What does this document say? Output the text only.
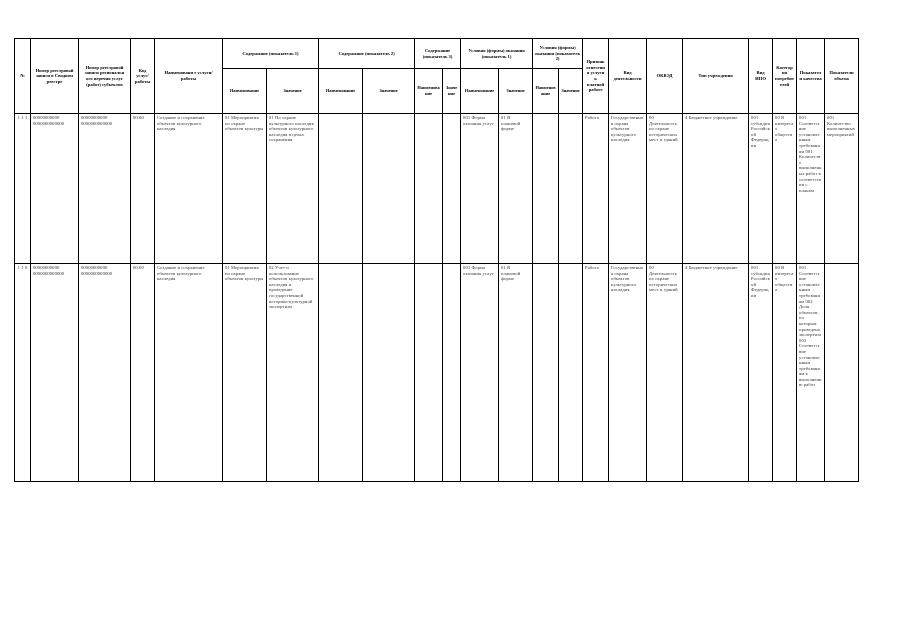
№	Номер реестровой записи в Сводном реестре	Номер реестровой записи региональн ого перечня услуг (работ) субъектов	Код услуг/ работы	Наименовани е услуги/работы	Содержание (показатель 1)		Содержание (показатель 2)		Содержание (показатель 3)		Условия (формы) оказания (показатель 1)		Условия (формы) оказания (показатель 2)		Признак отнесения услуги к платной работе	Вид деятельности	ОКВЭД	Тип учреждения	Вид ИПО	Категория потребителей	Показатели качества	Показатели объема
					Наименование	Значение	Наименование	Значение	Наименование	Значение	Наименование	Значение	Наименование	Значение								
1 1 1	00000000000 0000000000000	00000000000 0000000000000	00.00	Создание и сохранение объектов культурного наследия	01 Мероприятия по охране объектов культуры	01 По охране культурного наследия объектов культурного наследия в целях сохранения					001 Форма оказания услуг	01 В плановой форме			Работа	Государственная охрана объектов культурного наследия	00 Деятельность по охране исторических мест и зданий	4 Бюджетное учреждение	001 субсидия Российской Федерации	00 В интересах общества	001 Соответствие установленным требованиям 001 Количество выполненных работ в соответствии с планом	001 Количество выполненных мероприятий
1 1 0	00000000000 0000000000000	00000000000 0000000000000	00.00	Создание и сохранение объектов культурного наследия	01 Мероприятия по охране объектов культуры	02 Учет и использование объектов культурного наследия и проведение государственной историко-культурной экспертизы					001 Форма оказания услуг	01 В плановой форме			Работа	Государственная охрана объектов культурного наследия	00 Деятельность по охране исторических мест и зданий	4 Бюджетное учреждение	001 субсидия Российской Федерации	00 В интересах общества	001 Соответствие установленным требованиям 002 Доля объектов, по которым проведена экспертиза 003 Соответствие установленным требованиям к выполнению работ	
